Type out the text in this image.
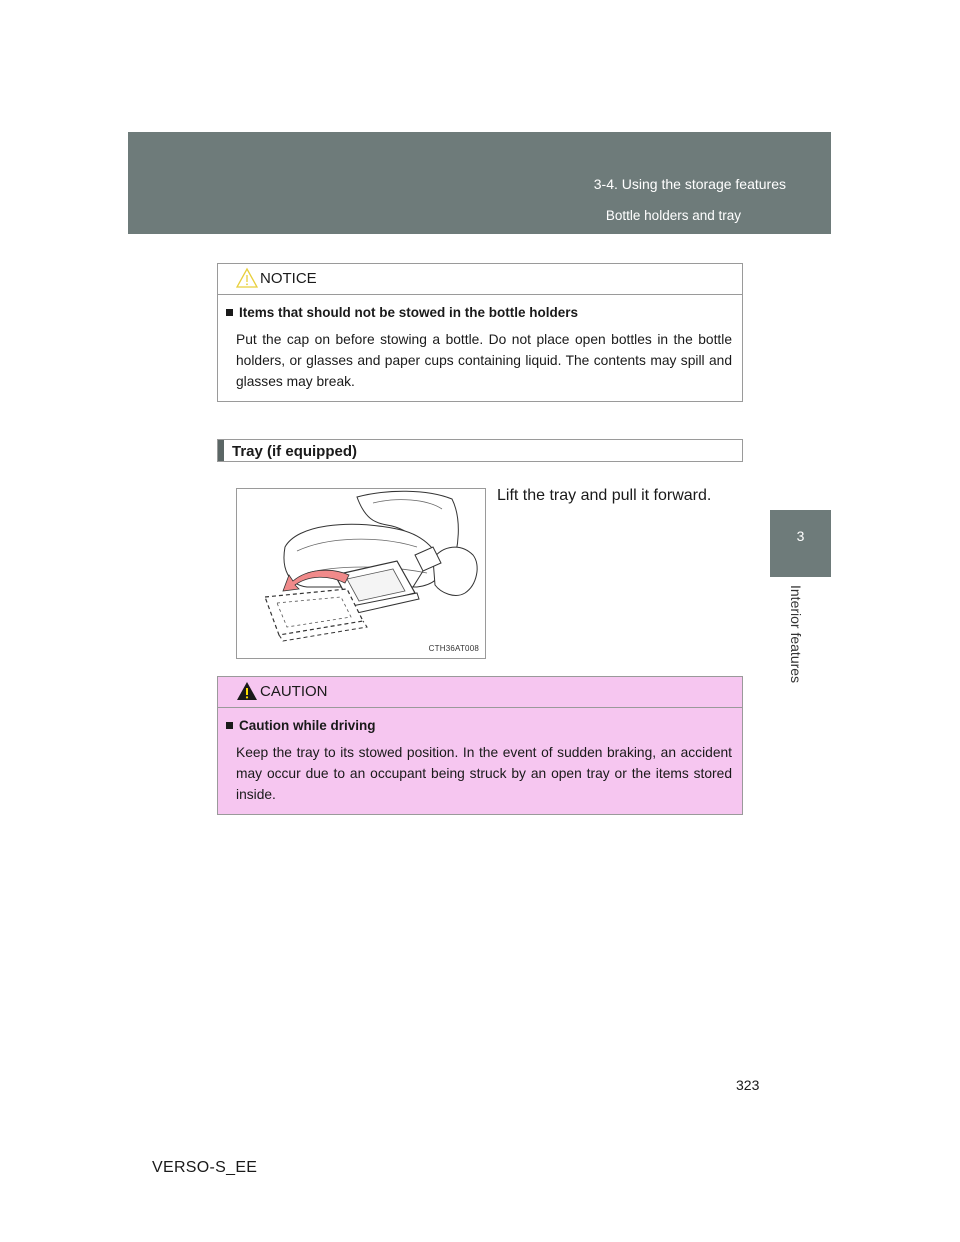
3-4. Using the storage features
Bottle holders and tray
3
Interior features
NOTICE
Items that should not be stowed in the bottle holders
Put the cap on before stowing a bottle. Do not place open bottles in the bottle holders, or glasses and paper cups containing liquid. The contents may spill and glasses may break.
Tray (if equipped)
CTH36AT008
Lift the tray and pull it forward.
CAUTION
Caution while driving
Keep the tray to its stowed position. In the event of sudden braking, an accident may occur due to an occupant being struck by an open tray or the items stored inside.
323
VERSO-S_EE
